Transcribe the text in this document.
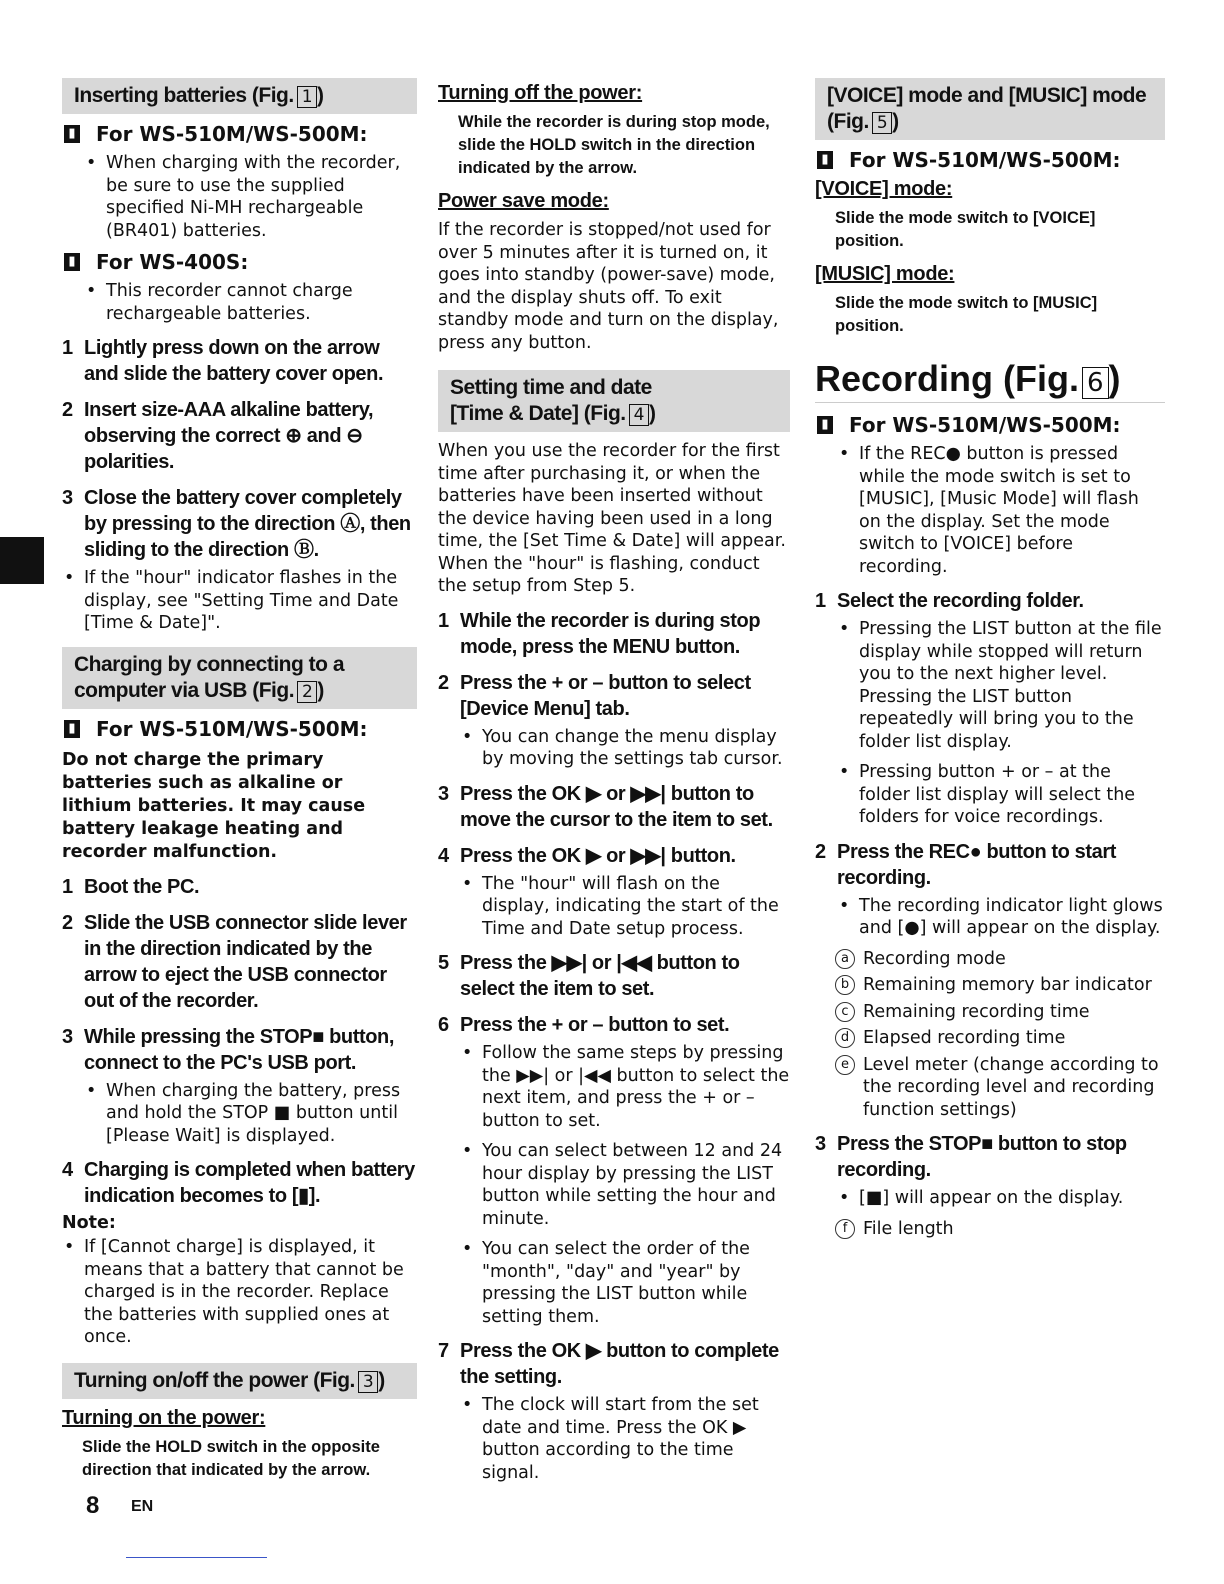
Inserting batteries (Fig. 1 )
▮ For WS-510M/WS-500M:
• When charging with the recorder, be sure to use the supplied specified Ni-MH rechargeable (BR401) batteries.
▮ For WS-400S:
• This recorder cannot charge rechargeable batteries.
1 Lightly press down on the arrow and slide the battery cover open.
2 Insert size-AAA alkaline battery, observing the correct ⊕ and ⊖ polarities.
3 Close the battery cover completely by pressing to the direction Ⓐ, then sliding to the direction Ⓑ.
• If the "hour" indicator flashes in the display, see "Setting Time and Date [Time & Date]".
Charging by connecting to a computer via USB (Fig. 2 )
▮ For WS-510M/WS-500M:
Do not charge the primary batteries such as alkaline or lithium batteries. It may cause battery leakage heating and recorder malfunction.
1 Boot the PC.
2 Slide the USB connector slide lever in the direction indicated by the arrow to eject the USB connector out of the recorder.
3 While pressing the STOP■ button, connect to the PC's USB port.
• When charging the battery, press and hold the STOP ■ button until [Please Wait] is displayed.
4 Charging is completed when battery indication becomes to [▮].
Note:
• If [Cannot charge] is displayed, it means that a battery that cannot be charged is in the recorder. Replace the batteries with supplied ones at once.
Turning on/off the power (Fig. 3 )
Turning on the power:
Slide the HOLD switch in the opposite direction that indicated by the arrow.
Turning off the power:
While the recorder is during stop mode, slide the HOLD switch in the direction indicated by the arrow.
Power save mode:
If the recorder is stopped/not used for over 5 minutes after it is turned on, it goes into standby (power-save) mode, and the display shuts off. To exit standby mode and turn on the display, press any button.
Setting time and date
[Time & Date] (Fig. 4 )
When you use the recorder for the first time after purchasing it, or when the batteries have been inserted without the device having been used in a long time, the [Set Time & Date] will appear. When the "hour" is flashing, conduct the setup from Step 5.
1 While the recorder is during stop mode, press the MENU button.
2 Press the + or – button to select [Device Menu] tab.
• You can change the menu display by moving the settings tab cursor.
3 Press the OK ▶ or ▶▶| button to move the cursor to the item to set.
4 Press the OK ▶ or ▶▶| button.
• The "hour" will flash on the display, indicating the start of the Time and Date setup process.
5 Press the ▶▶| or |◀◀ button to select the item to set.
6 Press the + or – button to set.
• Follow the same steps by pressing the ▶▶| or |◀◀ button to select the next item, and press the + or – button to set.
• You can select between 12 and 24 hour display by pressing the LIST button while setting the hour and minute.
• You can select the order of the "month", "day" and "year" by pressing the LIST button while setting them.
7 Press the OK ▶ button to complete the setting.
• The clock will start from the set date and time. Press the OK ▶ button according to the time signal.
[VOICE] mode and [MUSIC] mode
(Fig. 5 )
▮ For WS-510M/WS-500M:
[VOICE] mode:
Slide the mode switch to [VOICE] position.
[MUSIC] mode:
Slide the mode switch to [MUSIC] position.
Recording (Fig. 6 )
▮ For WS-510M/WS-500M:
• If the REC● button is pressed while the mode switch is set to [MUSIC], [Music Mode] will flash on the display. Set the mode switch to [VOICE] before recording.
1 Select the recording folder.
• Pressing the LIST button at the file display while stopped will return you to the next higher level. Pressing the LIST button repeatedly will bring you to the folder list display.
• Pressing button + or – at the folder list display will select the folders for voice recordings.
2 Press the REC● button to start recording.
• The recording indicator light glows and [●] will appear on the display.
a Recording mode
b Remaining memory bar indicator
c Remaining recording time
d Elapsed recording time
e Level meter (change according to the recording level and recording function settings)
3 Press the STOP■ button to stop recording.
• [■] will appear on the display.
f File length
8 EN
